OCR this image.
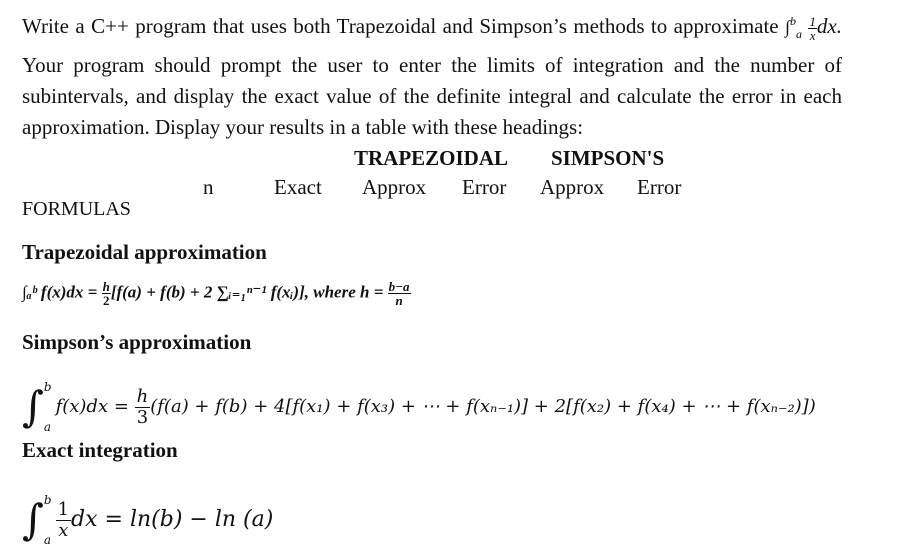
Write a C++ program that uses both Trapezoidal and Simpson’s methods to approximate $\int^b_a \frac{1}{x}$ dx. Your program should prompt the user to enter the limits of integration and the number of subintervals, and display the exact value of the definite integral and calculate the error in each approximation. Display your results in a table with these headings:

TRAPEZOIDAL SIMPSON'S
n	Exact Approx Error Approx Error
FORMULAS
Trapezoidal approximation
∫ₐᵇ $f(x)dx = \frac{h}{2} [f(a) + f(b) + 2$ ∑ᵢ₌₁ⁿ⁻¹ f(xᵢ)], where $h = \frac{b-a}{n}$
Simpson’s approximation
∫ b
a
$f(x)dx = \frac{h}{3} (f(a) + f(b) + 4[f(x_1) + f(x_3)$ + ⋯ + f(xₙ₋₁)] + 2[f(x₂) + f(x₄) + ⋯ + f(xₙ₋₂)])
Exact integration
∫ b
a $\frac{1}{x}$ dx = ln(b) − ln (a)
